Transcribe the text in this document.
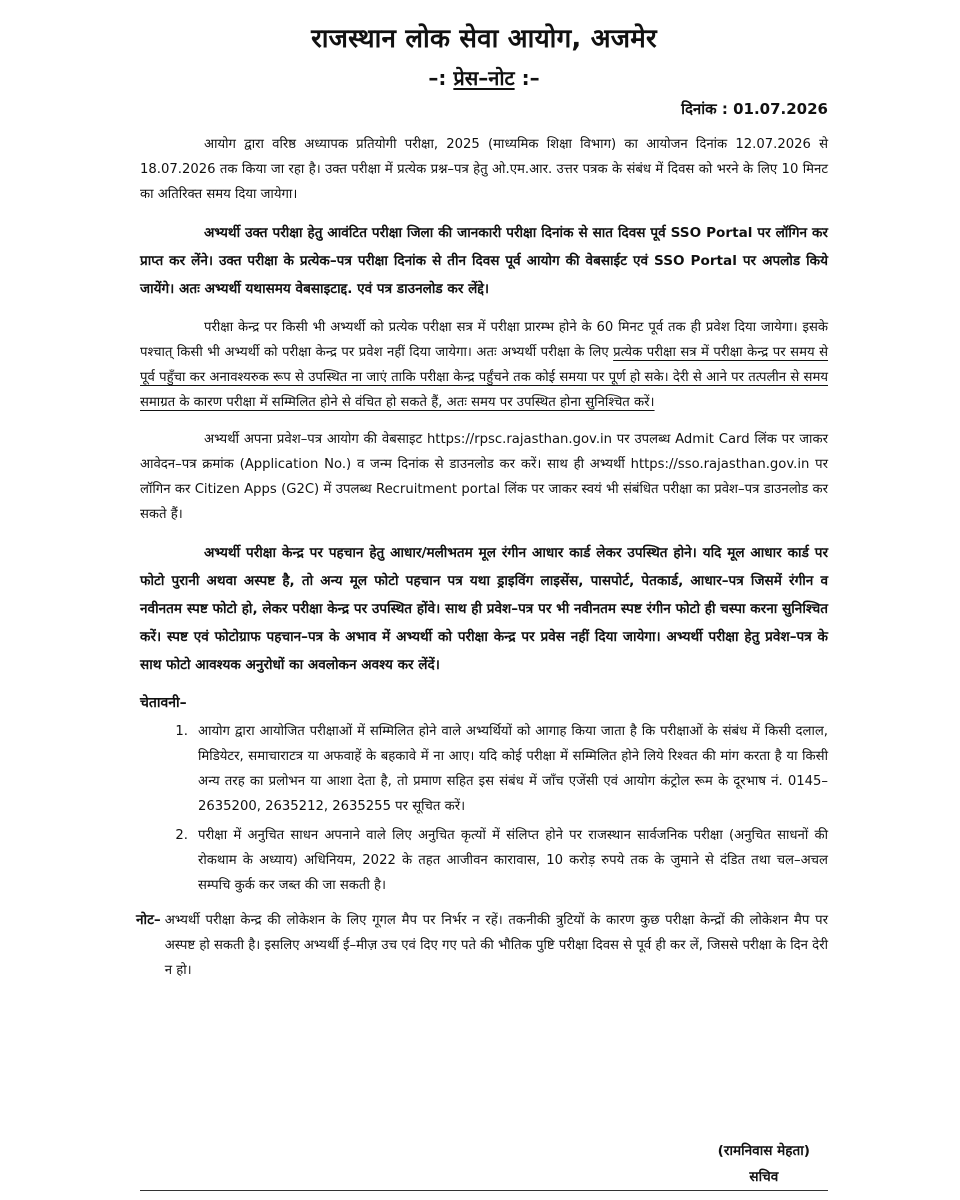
राजस्थान लोक सेवा आयोग, अजमेर
–: प्रेस–नोट :–
दिनांक : 01.07.2026

आयोग द्वारा वरिष्ठ अध्यापक प्रतियोगी परीक्षा, 2025 (माध्यमिक शिक्षा विभाग) का आयोजन दिनांक 12.07.2026 से 18.07.2026 तक किया जा रहा है। उक्त परीक्षा में प्रत्येक प्रश्न–पत्र हेतु ओ.एम.आर. उत्तर पत्रक के संबंध में दिवस को भरने के लिए 10 मिनट का अतिरिक्त समय दिया जायेगा।

अभ्यर्थी उक्त परीक्षा हेतु आवंटित परीक्षा जिला की जानकारी परीक्षा दिनांक से सात दिवस पूर्व SSO Portal पर लॉगिन कर प्राप्त कर लेंने। उक्त परीक्षा के प्रत्येक–पत्र परीक्षा दिनांक से तीन दिवस पूर्व आयोग की वेबसाईट एवं SSO Portal पर अपलोड किये जायेंगे। अतः अभ्यर्थी यथासमय वेबसाइटाद्द. एवं पत्र डाउनलोड कर लेंद्दे।

परीक्षा केन्द्र पर किसी भी अभ्यर्थी को प्रत्येक परीक्षा सत्र में परीक्षा प्रारम्भ होने के 60 मिनट पूर्व तक ही प्रवेश दिया जायेगा। इसके पश्चात् किसी भी अभ्यर्थी को परीक्षा केन्द्र पर प्रवेश नहीं दिया जायेगा। अतः अभ्यर्थी परीक्षा के लिए प्रत्येक परीक्षा सत्र में परीक्षा केन्द्र पर समय से पूर्व पहुँचा कर अनावश्यरुक रूप से उपस्थित ना जाएं ताकि परीक्षा केन्द्र पर्हुंचने तक कोई समया पर पूर्ण हो सके। देरी से आने पर तत्पलीन से समय समाग्रत के कारण परीक्षा में सम्मिलित होने से वंचित हो सकते हैं, अतः समय पर उपस्थित होना सुनिश्चित करें।

अभ्यर्थी अपना प्रवेश–पत्र आयोग की वेबसाइट https://rpsc.rajasthan.gov.in पर उपलब्ध Admit Card लिंक पर जाकर आवेदन–पत्र क्रमांक (Application No.) व जन्म दिनांक से डाउनलोड कर करें। साथ ही अभ्यर्थी https://sso.rajasthan.gov.in पर लॉगिन कर Citizen Apps (G2C) में उपलब्ध Recruitment portal लिंक पर जाकर स्वयं भी संबंधित परीक्षा का प्रवेश–पत्र डाउनलोड कर सकते हैं।

अभ्यर्थी परीक्षा केन्द्र पर पहचान हेतु आधार/मलीभतम मूल रंगीन आधार कार्ड लेकर उपस्थित होने। यदि मूल आधार कार्ड पर फोटो पुरानी अथवा अस्पष्ट है, तो अन्य मूल फोटो पहचान पत्र यथा ड्राइविंग लाइसेंस, पासपोर्ट, पेतकार्ड, आधार–पत्र जिसमें रंगीन व नवीनतम स्पष्ट फोटो हो, लेकर परीक्षा केन्द्र पर उपस्थित होंवे। साथ ही प्रवेश–पत्र पर भी नवीनतम स्पष्ट रंगीन फोटो ही चस्पा करना सुनिश्चित करें। स्पष्ट एवं फोटोग्राफ पहचान–पत्र के अभाव में अभ्यर्थी को परीक्षा केन्द्र पर प्रवेस नहीं दिया जायेगा। अभ्यर्थी परीक्षा हेतु प्रवेश–पत्र के साथ फोटो आवश्यक अनुरोधों का अवलोकन अवश्य कर लेंदें।

चेतावनी–
1. आयोग द्वारा आयोजित परीक्षाओं में सम्मिलित होने वाले अभ्यर्थियों को आगाह किया जाता है कि परीक्षाओं के संबंध में किसी दलाल, मिडियेटर, समाचाराटत्र या अफवाहें के बहकावे में ना आए। यदि कोई परीक्षा में सम्मिलित होने लिये रिश्वत की मांग करता है या किसी अन्य तरह का प्रलोभन या आशा देता है, तो प्रमाण सहित इस संबंध में जाँच एजेंसी एवं आयोग कंट्रोल रूम के दूरभाष नं. 0145–2635200, 2635212, 2635255 पर सूचित करें।
2. परीक्षा में अनुचित साधन अपनाने वाले लिए अनुचित कृत्यों में संलिप्त होने पर राजस्थान सार्वजनिक परीक्षा (अनुचित साधनों की रोकथाम के अध्याय) अधिनियम, 2022 के तहत आजीवन कारावास, 10 करोड़ रुपये तक के जुमाने से दंडित तथा चल–अचल सम्पचि कुर्क कर जब्त की जा सकती है।
नोट– अभ्यर्थी परीक्षा केन्द्र की लोकेशन के लिए गूगल मैप पर निर्भर न रहें। तकनीकी त्रुटियों के कारण कुछ परीक्षा केन्द्रों की लोकेशन मैप पर अस्पष्ट हो सकती है। इसलिए अभ्यर्थी ई–मीज़ उच एवं दिए गए पते की भौतिक पुष्टि परीक्षा दिवस से पूर्व ही कर लें, जिससे परीक्षा के दिन देरी न हो।
(रामनिवास मेहता)
सचिव
